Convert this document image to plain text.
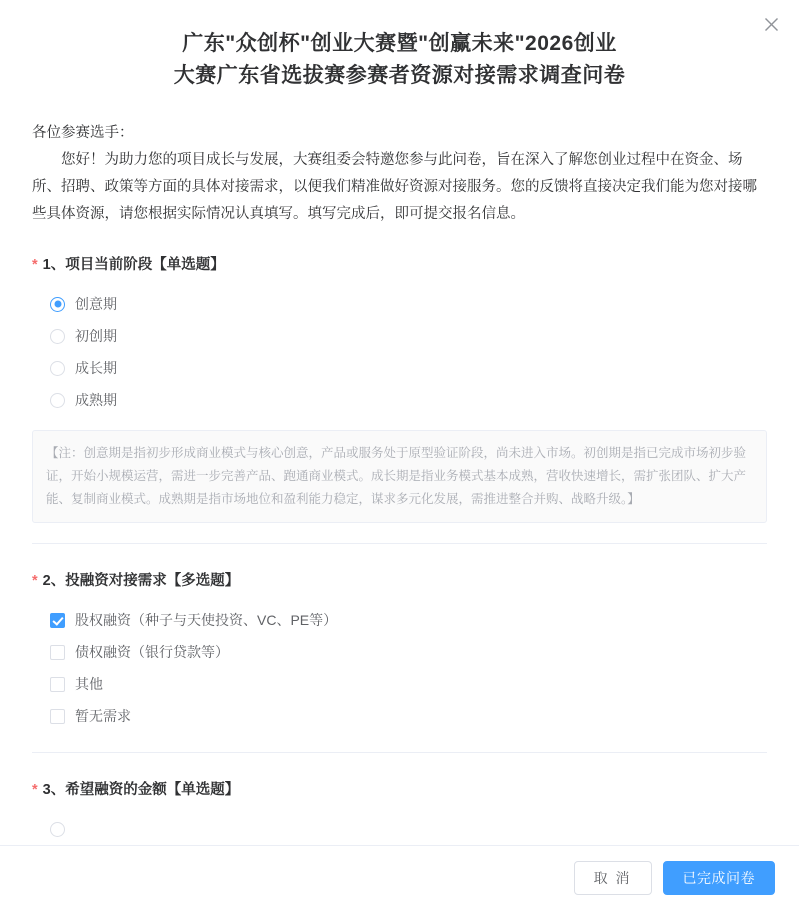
广东"众创杯"创业大赛暨"创赢未来"2026创业
大赛广东省选拔赛参赛者资源对接需求调查问卷

各位参赛选手：

您好！为助力您的项目成长与发展，大赛组委会特邀您参与此问卷，旨在深入了解您创业过程中在资金、场所、招聘、政策等方面的具体对接需求，以便我们精准做好资源对接服务。您的反馈将直接决定我们能为您对接哪些具体资源，请您根据实际情况认真填写。填写完成后，即可提交报名信息。

* 1、项目当前阶段【单选题】
创意期
初创期
成长期
成熟期
【注：创意期是指初步形成商业模式与核心创意，产品或服务处于原型验证阶段，尚未进入市场。初创期是指已完成市场初步验证，开始小规模运营，需进一步完善产品、跑通商业模式。成长期是指业务模式基本成熟，营收快速增长，需扩张团队、扩大产能、复制商业模式。成熟期是指市场地位和盈利能力稳定，谋求多元化发展，需推进整合并购、战略升级。】
* 2、投融资对接需求【多选题】
股权融资（种子与天使投资、VC、PE等）
债权融资（银行贷款等）
其他
暂无需求
* 3、希望融资的金额【单选题】
取 消	已完成问卷
